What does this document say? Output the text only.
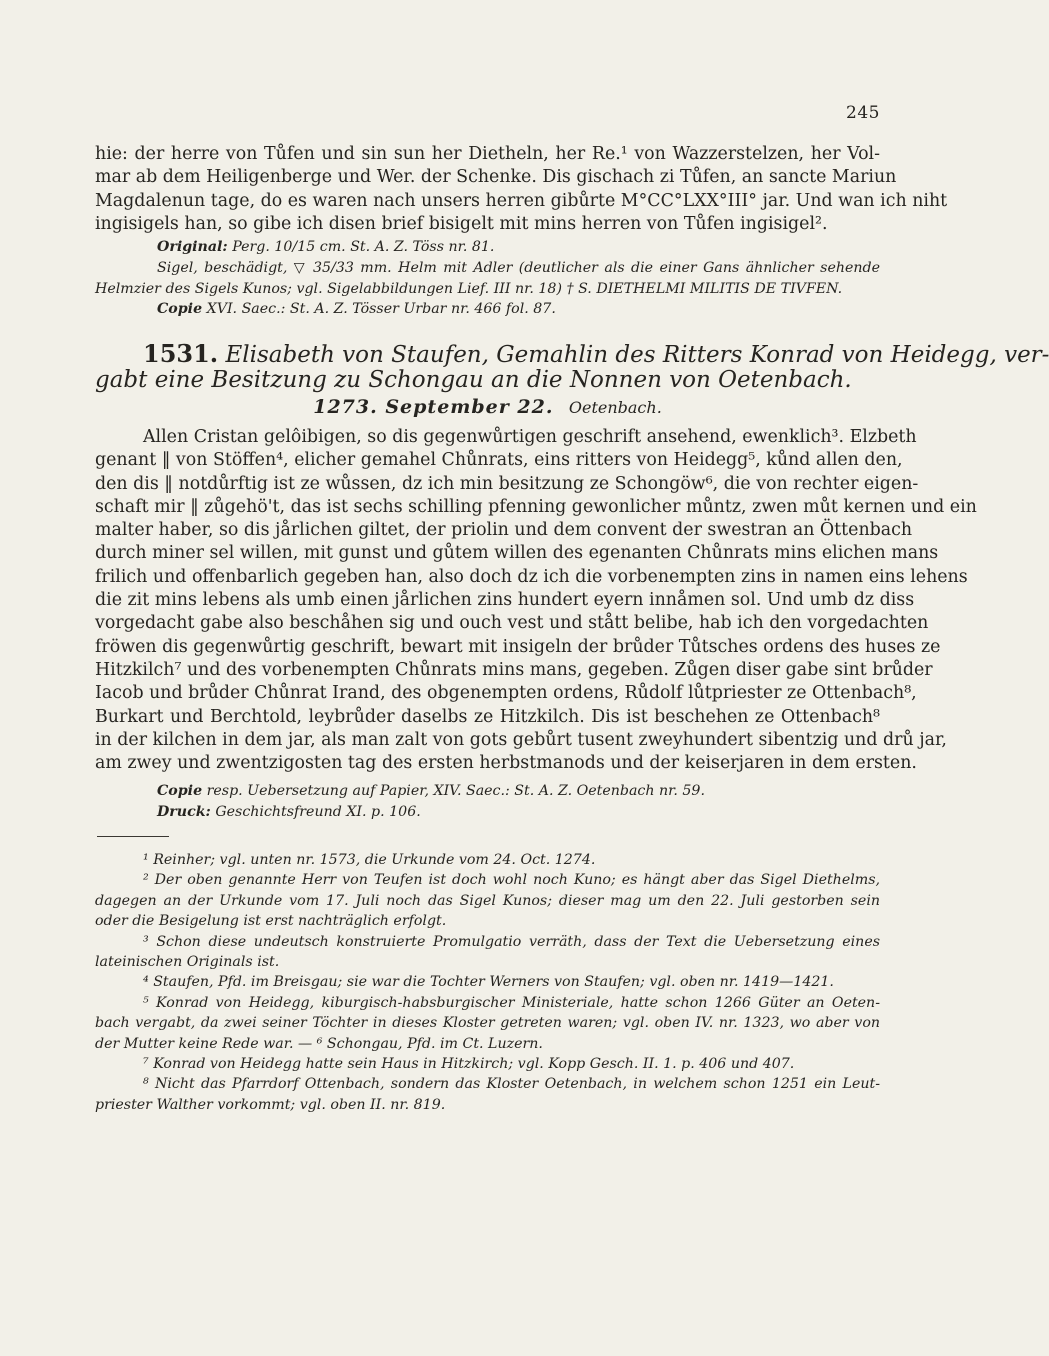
245
hie: der herre von Tůfen und sin sun her Dietheln, her Re.¹ von Wazzerstelzen, her Vol-
mar ab dem Heiligenberge und Wer. der Schenke. Dis gischach zi Tůfen, an sancte Mariun
Magdalenun tage, do es waren nach unsers herren gibůrte M°CC°LXX°III° jar. Und wan ich niht
ingisigels han, so gibe ich disen brief bisigelt mit mins herren von Tůfen ingisigel².
Original: Perg. 10/15 cm. St. A. Z. Töss nr. 81.
Sigel, beschädigt, ▽ 35/33 mm. Helm mit Adler (deutlicher als die einer Gans ähnlicher sehende
Helmzier des Sigels Kunos; vgl. Sigelabbildungen Lief. III nr. 18) † S. DIETHELMI MILITIS DE TIVFEN.
Copie XVI. Saec.: St. A. Z. Tösser Urbar nr. 466 fol. 87.
1531. Elisabeth von Staufen, Gemahlin des Ritters Konrad von Heidegg, ver-
gabt eine Besitzung zu Schongau an die Nonnen von Oetenbach.
1273. September 22. Oetenbach.
Allen Cristan gelôibigen, so dis gegenwůrtigen geschrift ansehend, ewenklich³. Elzbeth
genant ‖ von Stöffen⁴, elicher gemahel Chůnrats, eins ritters von Heidegg⁵, kůnd allen den,
den dis ‖ notdůrftig ist ze wůssen, dz ich min besitzung ze Schongöw⁶, die von rechter eigen-
schaft mir ‖ zůgehö't, das ist sechs schilling pfenning gewonlicher můntz, zwen můt kernen und ein
malter haber, so dis jårlichen giltet, der priolin und dem convent der swestran an Öttenbach
durch miner sel willen, mit gunst und gůtem willen des egenanten Chůnrats mins elichen mans
frilich und offenbarlich gegeben han, also doch dz ich die vorbenempten zins in namen eins lehens
die zit mins lebens als umb einen jårlichen zins hundert eyern innåmen sol. Und umb dz diss
vorgedacht gabe also beschåhen sig und ouch vest und stått belibe, hab ich den vorgedachten
fröwen dis gegenwůrtig geschrift, bewart mit insigeln der brůder Tůtsches ordens des huses ze
Hitzkilch⁷ und des vorbenempten Chůnrats mins mans, gegeben. Zůgen diser gabe sint brůder
Iacob und brůder Chůnrat Irand, des obgenempten ordens, Růdolf lůtpriester ze Ottenbach⁸,
Burkart und Berchtold, leybrůder daselbs ze Hitzkilch. Dis ist beschehen ze Ottenbach⁸
in der kilchen in dem jar, als man zalt von gots gebůrt tusent zweyhundert sibentzig und drů jar,
am zwey und zwentzigosten tag des ersten herbstmanods und der keiserjaren in dem ersten.
Copie resp. Uebersetzung auf Papier, XIV. Saec.: St. A. Z. Oetenbach nr. 59.
Druck: Geschichtsfreund XI. p. 106.
¹ Reinher; vgl. unten nr. 1573, die Urkunde vom 24. Oct. 1274.
² Der oben genannte Herr von Teufen ist doch wohl noch Kuno; es hängt aber das Sigel Diethelms,
dagegen an der Urkunde vom 17. Juli noch das Sigel Kunos; dieser mag um den 22. Juli gestorben sein
oder die Besigelung ist erst nachträglich erfolgt.
³ Schon diese undeutsch konstruierte Promulgatio verräth, dass der Text die Uebersetzung eines
lateinischen Originals ist.
⁴ Staufen, Pfd. im Breisgau; sie war die Tochter Werners von Staufen; vgl. oben nr. 1419—1421.
⁵ Konrad von Heidegg, kiburgisch-habsburgischer Ministeriale, hatte schon 1266 Güter an Oeten-
bach vergabt, da zwei seiner Töchter in dieses Kloster getreten waren; vgl. oben IV. nr. 1323, wo aber von
der Mutter keine Rede war. — ⁶ Schongau, Pfd. im Ct. Luzern.
⁷ Konrad von Heidegg hatte sein Haus in Hitzkirch; vgl. Kopp Gesch. II. 1. p. 406 und 407.
⁸ Nicht das Pfarrdorf Ottenbach, sondern das Kloster Oetenbach, in welchem schon 1251 ein Leut-
priester Walther vorkommt; vgl. oben II. nr. 819.
